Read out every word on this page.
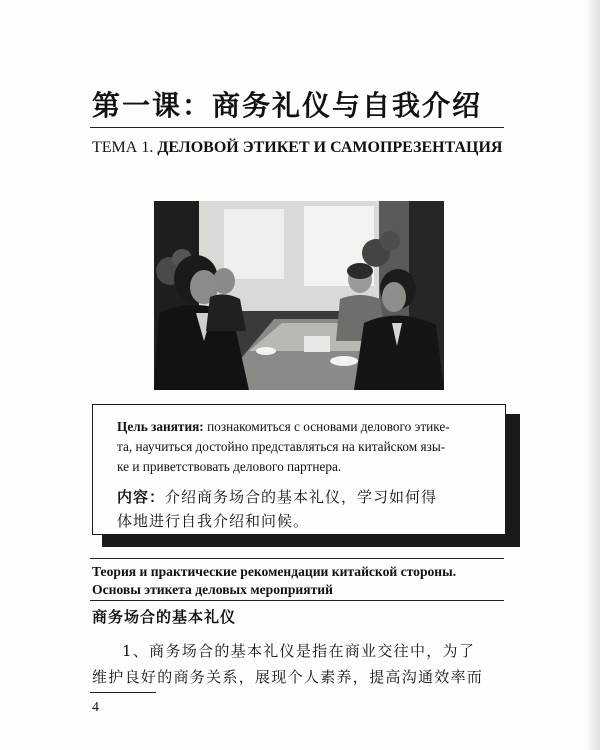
第一课：商务礼仪与自我介绍
ТЕМА 1. ДЕЛОВОЙ ЭТИКЕТ И САМОПРЕЗЕНТАЦИЯ
Цель занятия: познакомиться с основами делового этике-
та, научиться достойно представляться на китайском язы-
ке и приветствовать делового партнера.
内容：介绍商务场合的基本礼仪，学习如何得
体地进行自我介绍和问候。
Теория и практические рекомендации китайской стороны.
Основы этикета деловых мероприятий
商务场合的基本礼仪
1、商务场合的基本礼仪是指在商业交往中，为了
维护良好的商务关系，展现个人素养，提高沟通效率而
4
